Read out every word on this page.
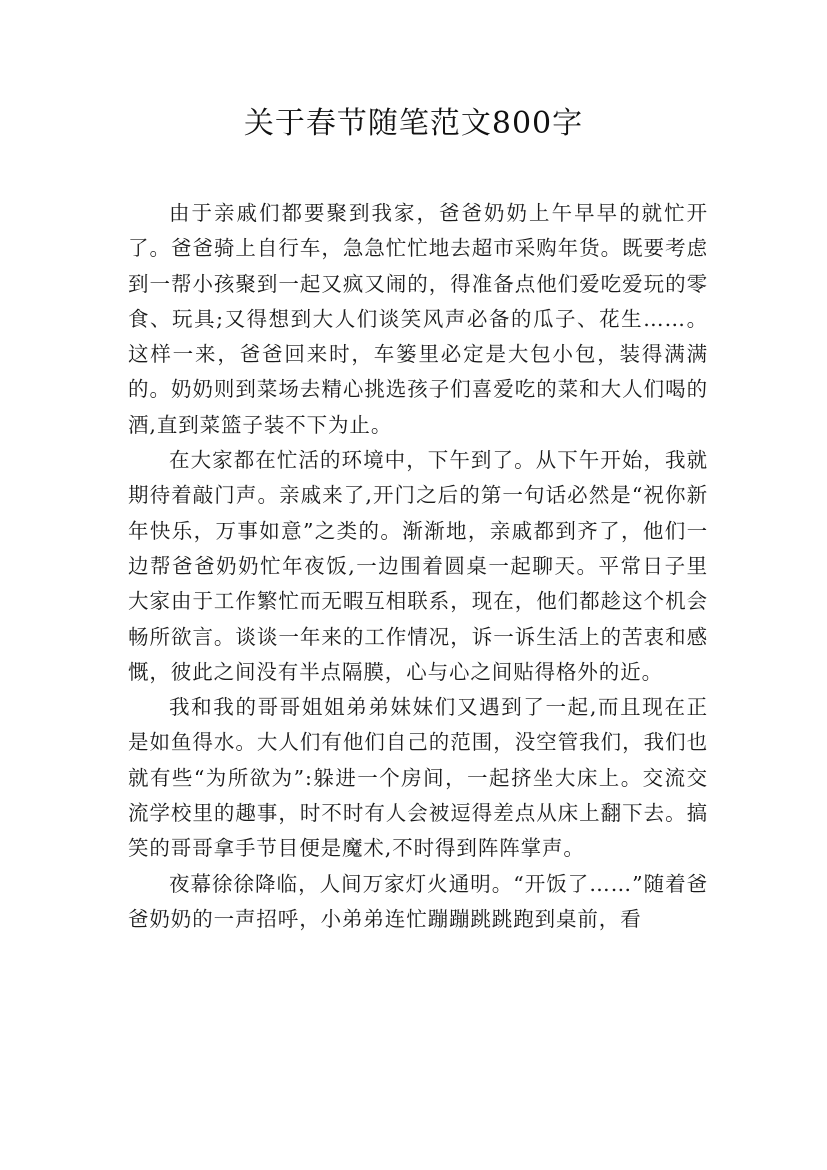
关于春节随笔范文800字

由于亲戚们都要聚到我家，爸爸奶奶上午早早的就忙开了。爸爸骑上自行车，急急忙忙地去超市采购年货。既要考虑到一帮小孩聚到一起又疯又闹的，得准备点他们爱吃爱玩的零食、玩具;又得想到大人们谈笑风声必备的瓜子、花生……。这样一来，爸爸回来时，车篓里必定是大包小包，装得满满的。奶奶则到菜场去精心挑选孩子们喜爱吃的菜和大人们喝的酒,直到菜篮子装不下为止。

在大家都在忙活的环境中，下午到了。从下午开始，我就期待着敲门声。亲戚来了,开门之后的第一句话必然是“祝你新年快乐，万事如意”之类的。渐渐地，亲戚都到齐了，他们一边帮爸爸奶奶忙年夜饭,一边围着圆桌一起聊天。平常日子里大家由于工作繁忙而无暇互相联系，现在，他们都趁这个机会畅所欲言。谈谈一年来的工作情况，诉一诉生活上的苦衷和感慨，彼此之间没有半点隔膜，心与心之间贴得格外的近。

我和我的哥哥姐姐弟弟妹妹们又遇到了一起,而且现在正是如鱼得水。大人们有他们自己的范围，没空管我们，我们也就有些“为所欲为”:躲进一个房间，一起挤坐大床上。交流交流学校里的趣事，时不时有人会被逗得差点从床上翻下去。搞笑的哥哥拿手节目便是魔术,不时得到阵阵掌声。

夜幕徐徐降临，人间万家灯火通明。“开饭了……”随着爸爸奶奶的一声招呼，小弟弟连忙蹦蹦跳跳跑到桌前，看
